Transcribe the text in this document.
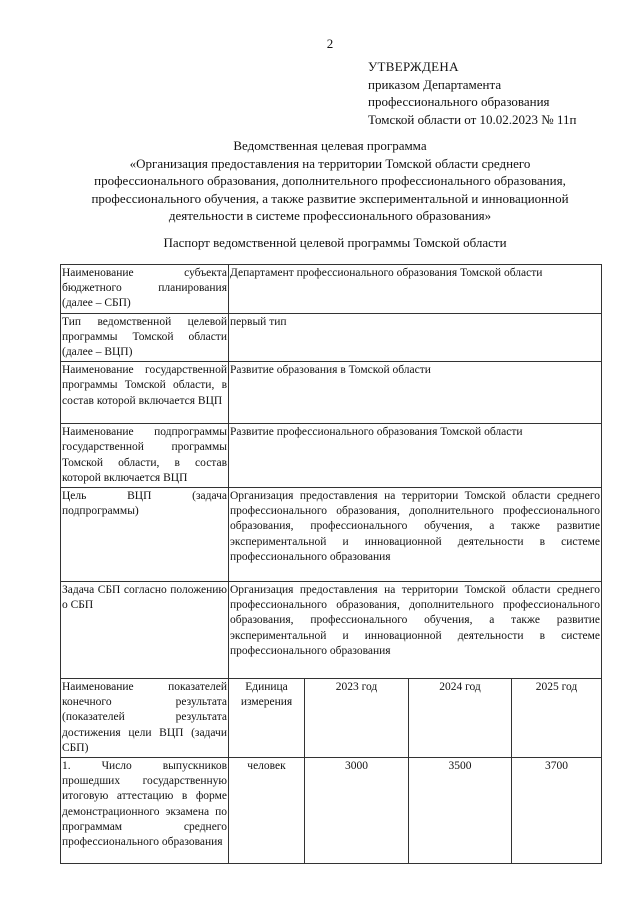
2
УТВЕРЖДЕНА
приказом Департамента
профессионального образования
Томской области от 10.02.2023 № 11п
Ведомственная целевая программа
«Организация предоставления на территории Томской области среднего
профессионального образования, дополнительного профессионального образования,
профессионального обучения, а также развитие экспериментальной и инновационной
деятельности в системе профессионального образования»
Паспорт ведомственной целевой программы Томской области
Наименование субъекта бюджетного планирования (далее – СБП)	Департамент профессионального образования Томской области			
Тип ведомственной целевой программы Томской области (далее – ВЦП)	первый тип			
Наименование государственной программы Томской области, в состав которой включается ВЦП	Развитие образования в Томской области			
Наименование подпрограммы государственной программы Томской области, в состав которой включается ВЦП	Развитие профессионального образования Томской области			
Цель ВЦП (задача подпрограммы)	Организация предоставления на территории Томской области среднего профессионального образования, дополнительного профессионального образования, профессионального обучения, а также развитие экспериментальной и инновационной деятельности в системе профессионального образования			
Задача СБП согласно положению о СБП	Организация предоставления на территории Томской области среднего профессионального образования, дополнительного профессионального образования, профессионального обучения, а также развитие экспериментальной и инновационной деятельности в системе профессионального образования			
Наименование показателей конечного результата (показателей результата достижения цели ВЦП (задачи СБП)	Единица измерения	2023 год	2024 год	2025 год
1. Число выпускников прошедших государственную итоговую аттестацию в форме демонстрационного экзамена по программам среднего профессионального образования	человек	3000	3500	3700
